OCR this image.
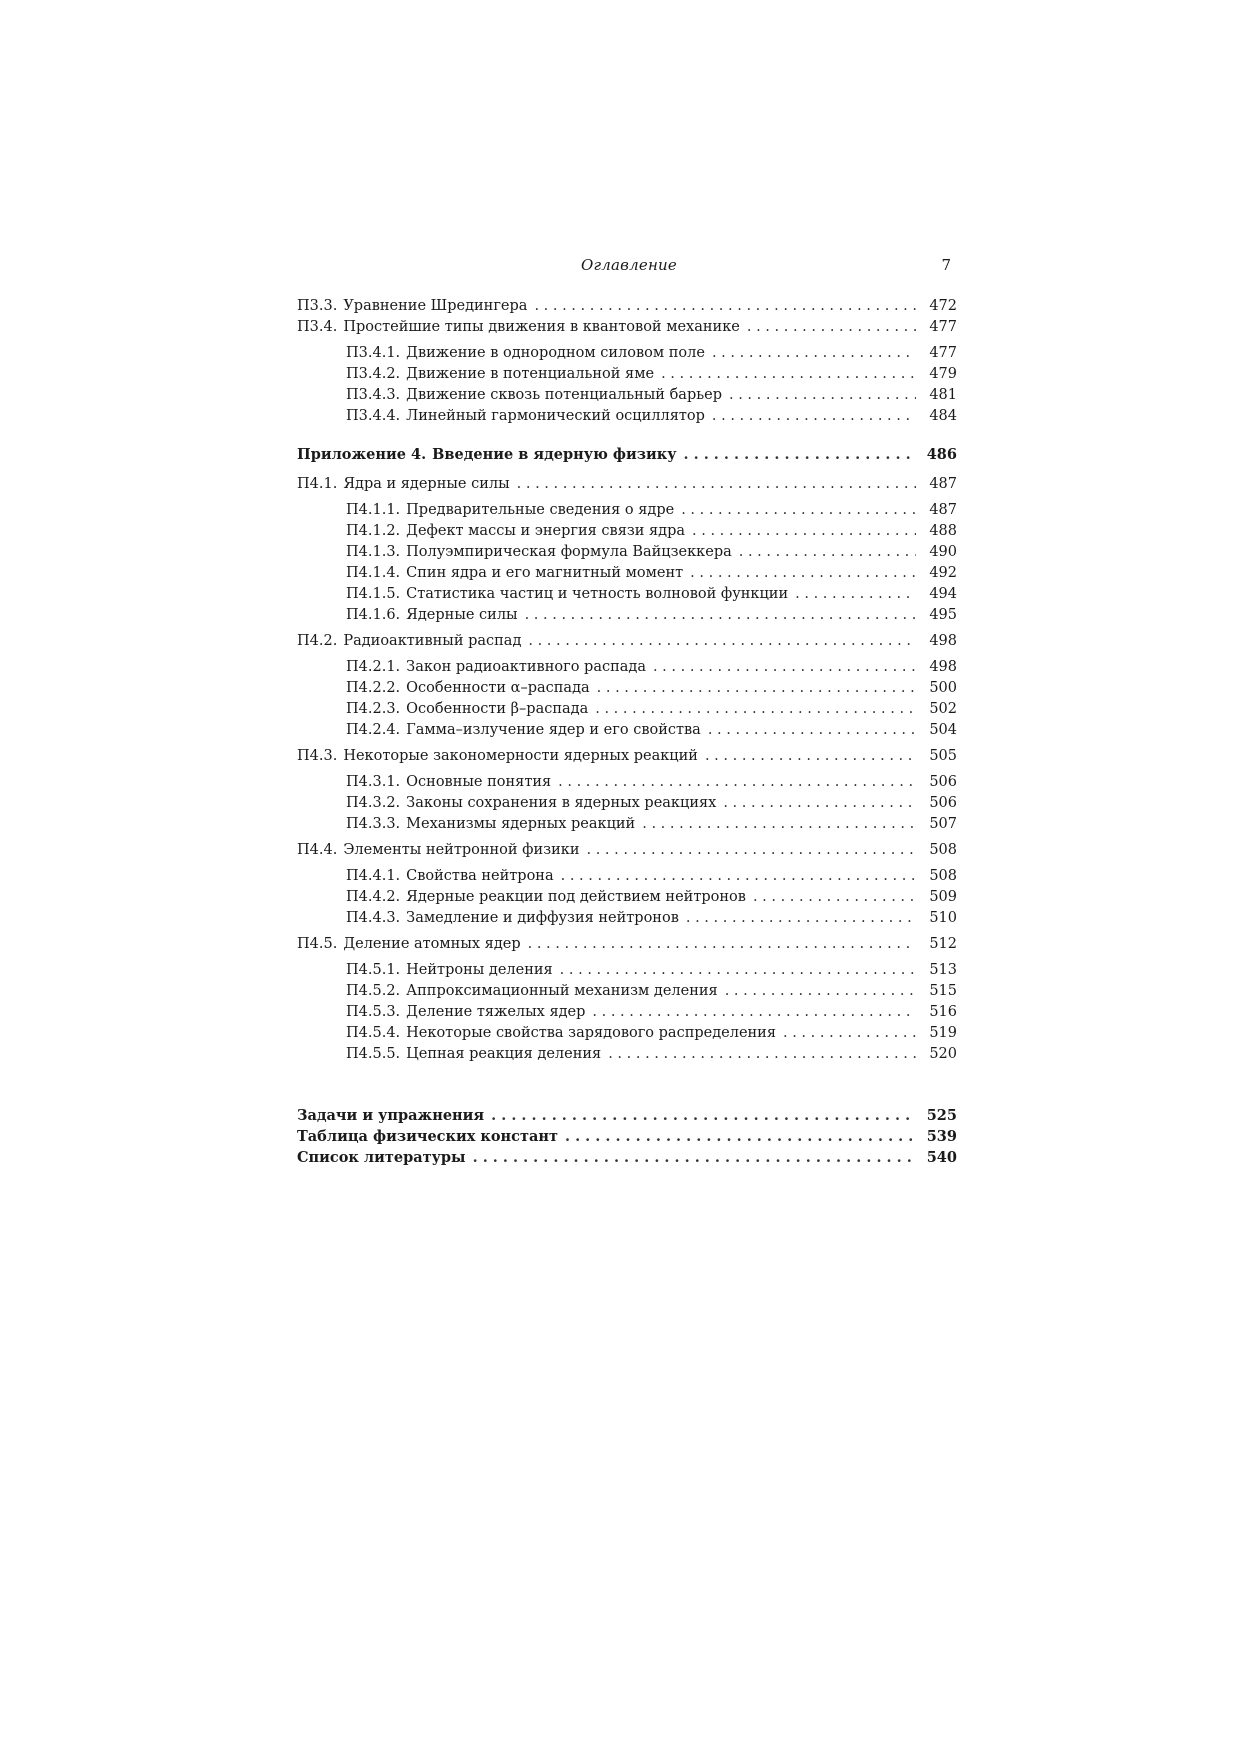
Оглавление	7
П3.3. Уравнение Шредингера . . .	472
П3.4. Простейшие типы движения в квантовой механике . . .	477
П3.4.1. Движение в однородном силовом поле . . .	477
П3.4.2. Движение в потенциальной яме . . .	479
П3.4.3. Движение сквозь потенциальный барьер . . .	481
П3.4.4. Линейный гармонический осциллятор . . .	484
Приложение 4. Введение в ядерную физику . . .	486
П4.1. Ядра и ядерные силы . . .	487
П4.1.1. Предварительные сведения о ядре . . .	487
П4.1.2. Дефект массы и энергия связи ядра . . .	488
П4.1.3. Полуэмпирическая формула Вайцзеккера . . .	490
П4.1.4. Спин ядра и его магнитный момент . . .	492
П4.1.5. Статистика частиц и четность волновой функции . . .	494
П4.1.6. Ядерные силы . . .	495
П4.2. Радиоактивный распад . . .	498
П4.2.1. Закон радиоактивного распада . . .	498
П4.2.2. Особенности α–распада . . .	500
П4.2.3. Особенности β–распада . . .	502
П4.2.4. Гамма–излучение ядер и его свойства . . .	504
П4.3. Некоторые закономерности ядерных реакций . . .	505
П4.3.1. Основные понятия . . .	506
П4.3.2. Законы сохранения в ядерных реакциях . . .	506
П4.3.3. Механизмы ядерных реакций . . .	507
П4.4. Элементы нейтронной физики . . .	508
П4.4.1. Свойства нейтрона . . .	508
П4.4.2. Ядерные реакции под действием нейтронов . . .	509
П4.4.3. Замедление и диффузия нейтронов . . .	510
П4.5. Деление атомных ядер . . .	512
П4.5.1. Нейтроны деления . . .	513
П4.5.2. Аппроксимационный механизм деления . . .	515
П4.5.3. Деление тяжелых ядер . . .	516
П4.5.4. Некоторые свойства зарядового распределения . . .	519
П4.5.5. Цепная реакция деления . . .	520
Задачи и упражнения . . .	525
Таблица физических констант . . .	539
Список литературы . . .	540
